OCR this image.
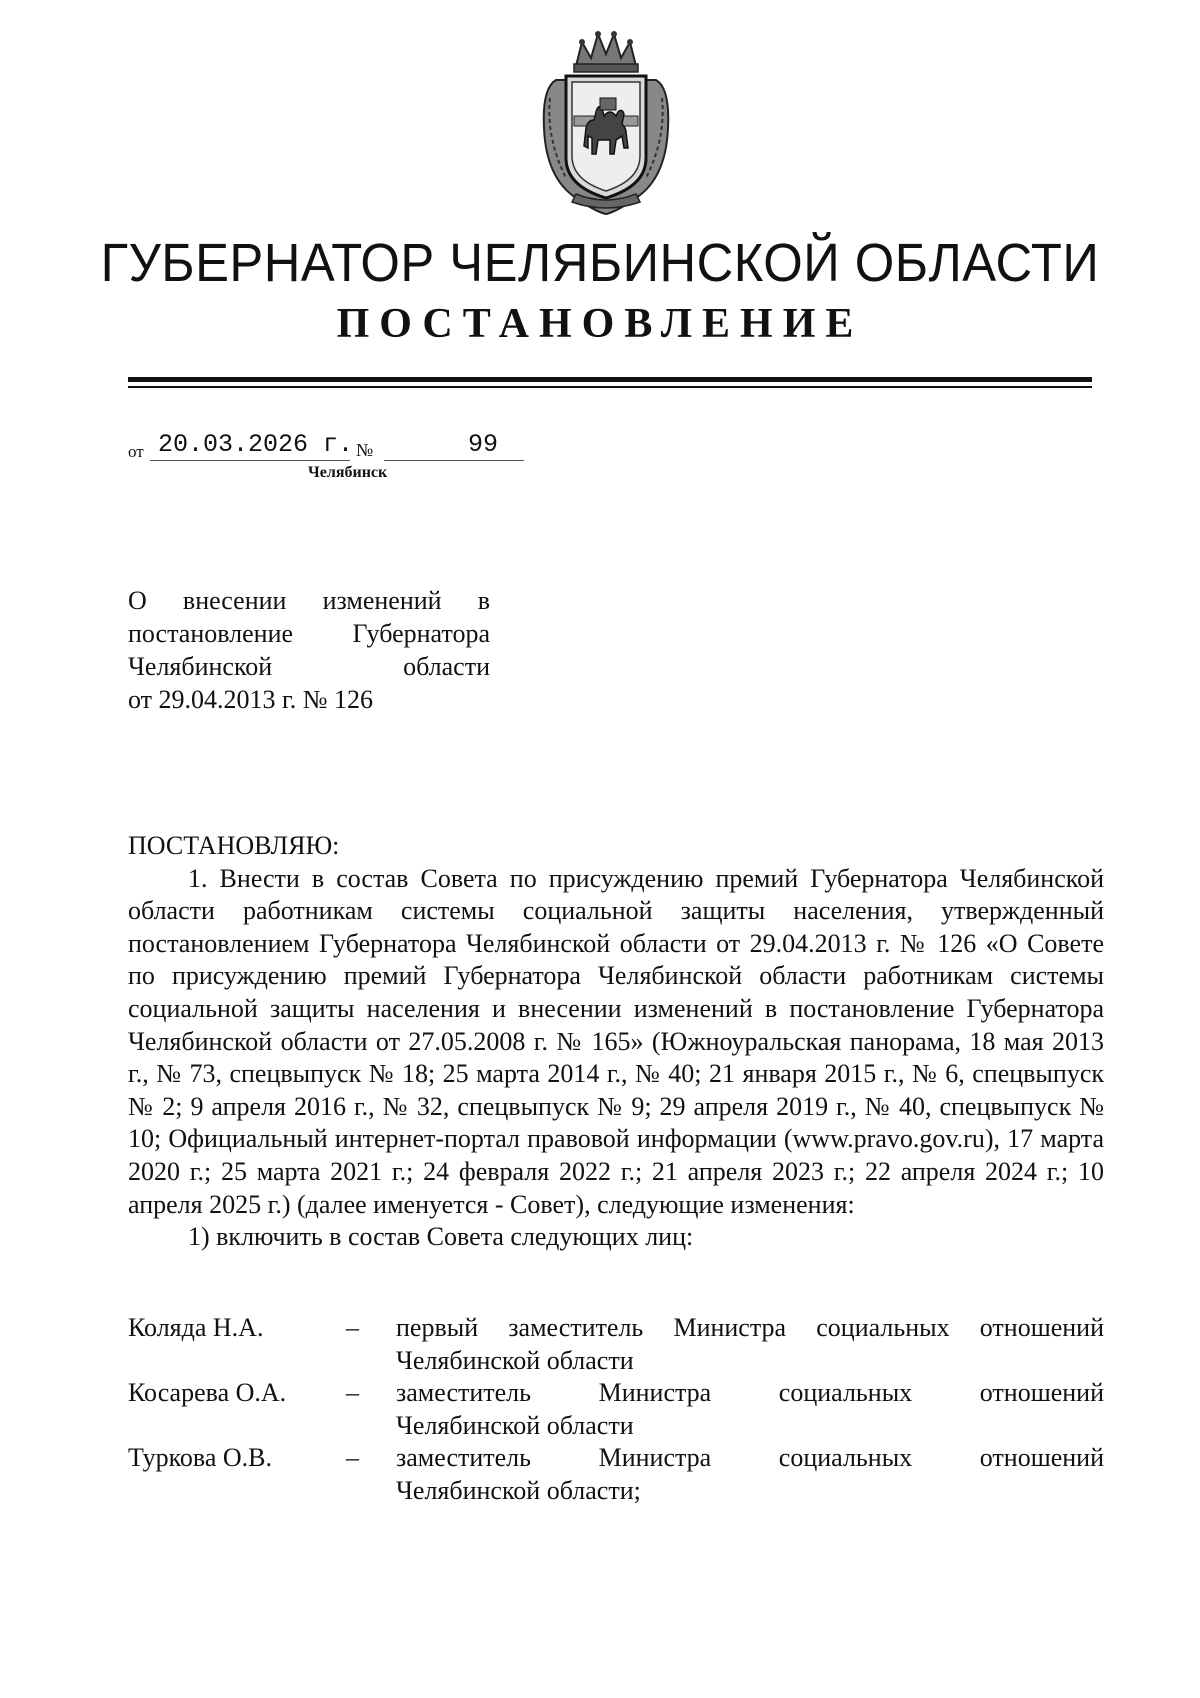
ГУБЕРНАТОР ЧЕЛЯБИНСКОЙ ОБЛАСТИ
ПОСТАНОВЛЕНИЕ
от 20.03.2026 г. №	99
Челябинск
О внесении изменений в
постановление Губернатора
Челябинской области
от 29.04.2013 г. № 126

ПОСТАНОВЛЯЮ:

1. Внести в состав Совета по присуждению премий Губернатора Челябинской области работникам системы социальной защиты населения, утвержденный постановлением Губернатора Челябинской области от 29.04.2013 г. № 126 «О Совете по присуждению премий Губернатора Челябинской области работникам системы социальной защиты населения и внесении изменений в постановление Губернатора Челябинской области от 27.05.2008 г. № 165» (Южноуральская панорама, 18 мая 2013 г., № 73, спецвыпуск № 18; 25 марта 2014 г., № 40; 21 января 2015 г., № 6, спецвыпуск № 2; 9 апреля 2016 г., № 32, спецвыпуск № 9; 29 апреля 2019 г., № 40, спецвыпуск № 10; Официальный интернет-портал правовой информации (www.pravo.gov.ru), 17 марта 2020 г.; 25 марта 2021 г.; 24 февраля 2022 г.; 21 апреля 2023 г.; 22 апреля 2024 г.; 10 апреля 2025 г.) (далее именуется - Совет), следующие изменения:

1) включить в состав Совета следующих лиц:

Коляда Н.А.	– первый заместитель Министра социальных отношений
Челябинской области
Косарева О.А. – заместитель Министра социальных отношений
Челябинской области
Туркова О.В.	– заместитель Министра социальных отношений
Челябинской области;
